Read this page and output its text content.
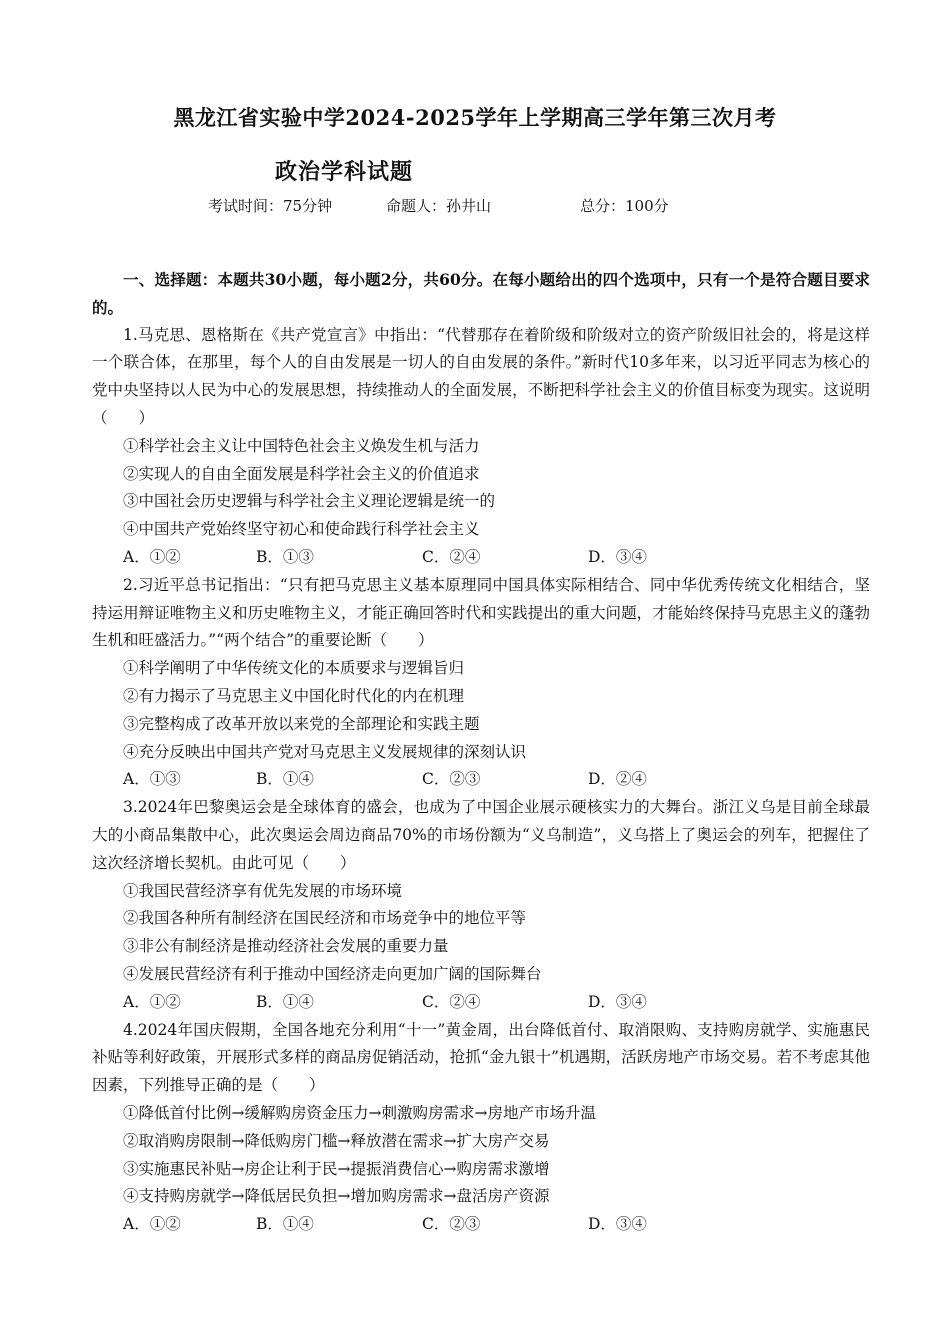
黑龙江省实验中学2024-2025学年上学期高三学年第三次月考
政治学科试题
考试时间：75分钟	命题人：孙井山	总分：100分

一、选择题：本题共30小题，每小题2分，共60分。在每小题给出的四个选项中，只有一个是符合题目要求的。

1.马克思、恩格斯在《共产党宣言》中指出：“代替那存在着阶级和阶级对立的资产阶级旧社会的，将是这样一个联合体，在那里，每个人的自由发展是一切人的自由发展的条件。”新时代10多年来，以习近平同志为核心的党中央坚持以人民为中心的发展思想，持续推动人的全面发展，不断把科学社会主义的价值目标变为现实。这说明（　　）

①科学社会主义让中国特色社会主义焕发生机与活力

②实现人的自由全面发展是科学社会主义的价值追求

③中国社会历史逻辑与科学社会主义理论逻辑是统一的

④中国共产党始终坚守初心和使命践行科学社会主义

A．①②	B．①③	C．②④	D．③④

2.习近平总书记指出：“只有把马克思主义基本原理同中国具体实际相结合、同中华优秀传统文化相结合，坚持运用辩证唯物主义和历史唯物主义，才能正确回答时代和实践提出的重大问题，才能始终保持马克思主义的蓬勃生机和旺盛活力。”“两个结合”的重要论断（　　）

①科学阐明了中华传统文化的本质要求与逻辑旨归

②有力揭示了马克思主义中国化时代化的内在机理

③完整构成了改革开放以来党的全部理论和实践主题

④充分反映出中国共产党对马克思主义发展规律的深刻认识

A．①③	B．①④	C．②③	D．②④

3.2024年巴黎奥运会是全球体育的盛会，也成为了中国企业展示硬核实力的大舞台。浙江义乌是目前全球最大的小商品集散中心，此次奥运会周边商品70%的市场份额为“义乌制造”，义乌搭上了奥运会的列车，把握住了这次经济增长契机。由此可见（　　）

①我国民营经济享有优先发展的市场环境

②我国各种所有制经济在国民经济和市场竞争中的地位平等

③非公有制经济是推动经济社会发展的重要力量

④发展民营经济有利于推动中国经济走向更加广阔的国际舞台

A．①②	B．①④	C．②④	D．③④

4.2024年国庆假期，全国各地充分利用“十一”黄金周，出台降低首付、取消限购、支持购房就学、实施惠民补贴等利好政策，开展形式多样的商品房促销活动，抢抓“金九银十”机遇期，活跃房地产市场交易。若不考虑其他因素，下列推导正确的是（　　）

①降低首付比例→缓解购房资金压力→刺激购房需求→房地产市场升温

②取消购房限制→降低购房门槛→释放潜在需求→扩大房产交易

③实施惠民补贴→房企让利于民→提振消费信心→购房需求激增

④支持购房就学→降低居民负担→增加购房需求→盘活房产资源

A．①②	B．①④	C．②③	D．③④
